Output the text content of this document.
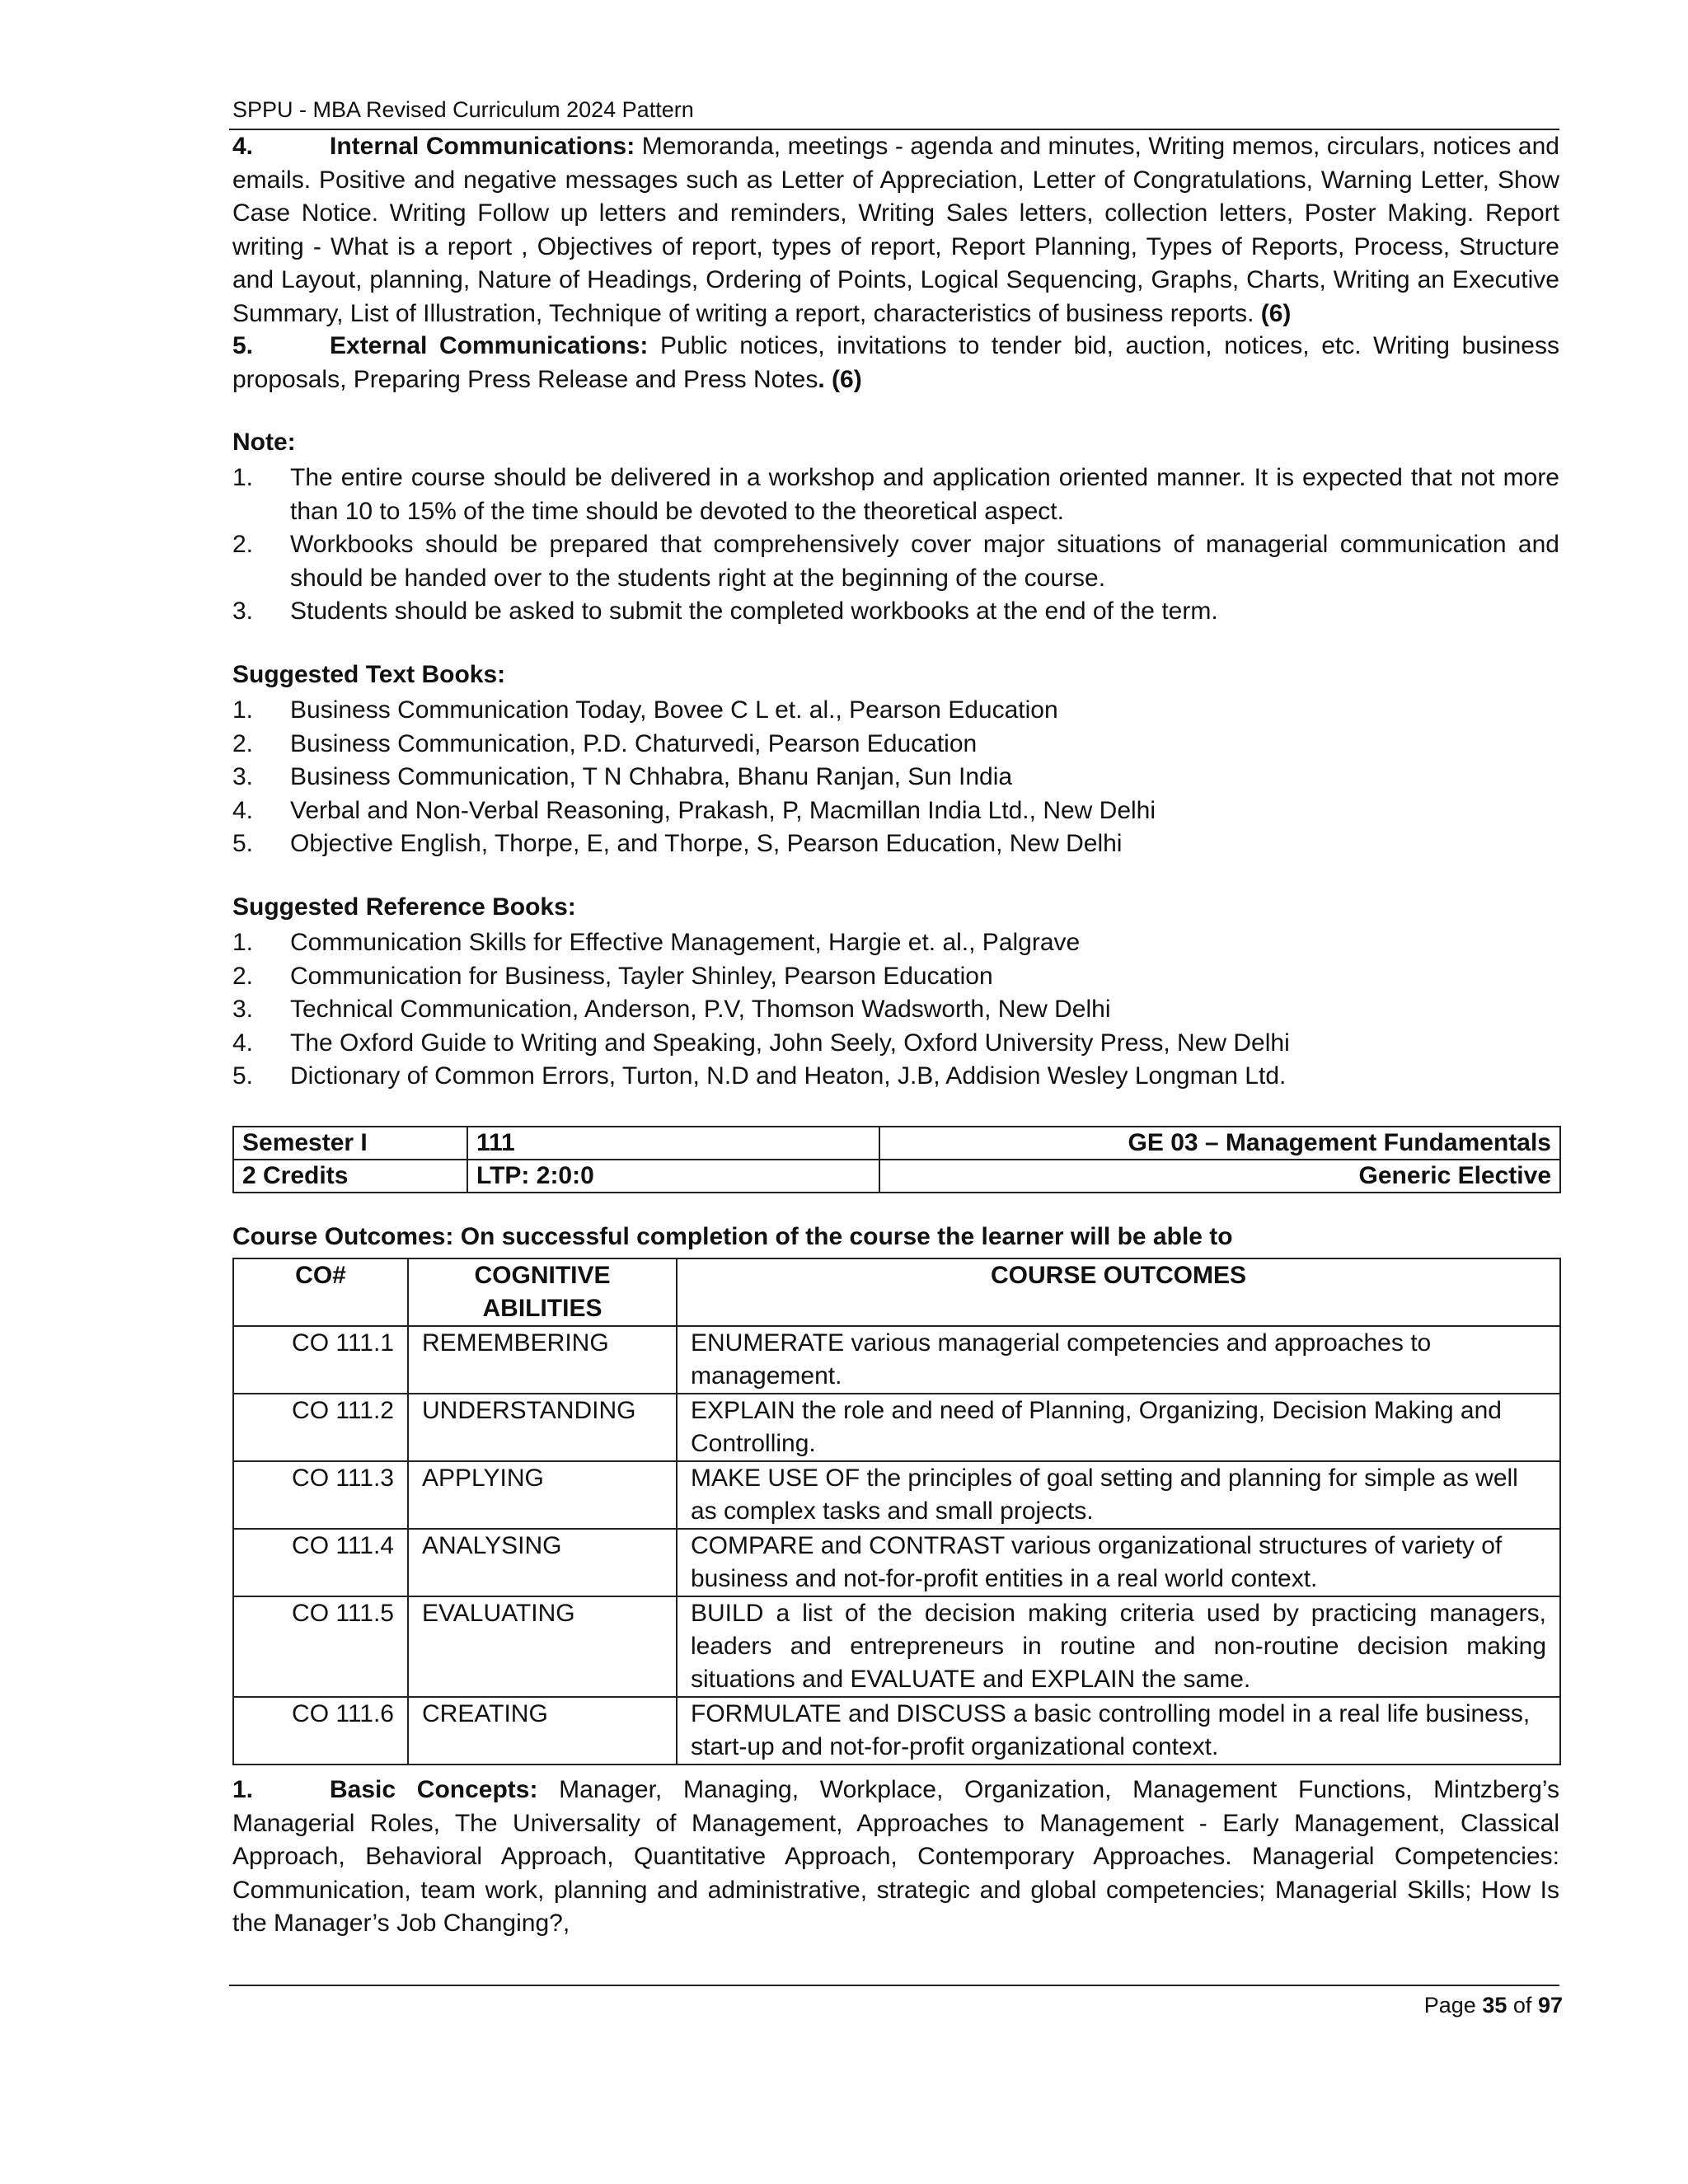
SPPU - MBA Revised Curriculum 2024 Pattern
4.	Internal Communications: Memoranda, meetings - agenda and minutes, Writing memos, circulars, notices and emails. Positive and negative messages such as Letter of Appreciation, Letter of Congratulations, Warning Letter, Show Case Notice. Writing Follow up letters and reminders, Writing Sales letters, collection letters, Poster Making. Report writing - What is a report , Objectives of report, types of report, Report Planning, Types of Reports, Process, Structure and Layout, planning, Nature of Headings, Ordering of Points, Logical Sequencing, Graphs, Charts, Writing an Executive Summary, List of Illustration, Technique of writing a report, characteristics of business reports. (6)
5.	External Communications: Public notices, invitations to tender bid, auction, notices, etc. Writing business proposals, Preparing Press Release and Press Notes. (6)
Note:
1. The entire course should be delivered in a workshop and application oriented manner. It is expected that not more than 10 to 15% of the time should be devoted to the theoretical aspect.
2. Workbooks should be prepared that comprehensively cover major situations of managerial communication and should be handed over to the students right at the beginning of the course.
3. Students should be asked to submit the completed workbooks at the end of the term.
Suggested Text Books:
1. Business Communication Today, Bovee C L et. al., Pearson Education
2. Business Communication, P.D. Chaturvedi, Pearson Education
3. Business Communication, T N Chhabra, Bhanu Ranjan, Sun India
4. Verbal and Non-Verbal Reasoning, Prakash, P, Macmillan India Ltd., New Delhi
5. Objective English, Thorpe, E, and Thorpe, S, Pearson Education, New Delhi
Suggested Reference Books:
1. Communication Skills for Effective Management, Hargie et. al., Palgrave
2. Communication for Business, Tayler Shinley, Pearson Education
3. Technical Communication, Anderson, P.V, Thomson Wadsworth, New Delhi
4. The Oxford Guide to Writing and Speaking, John Seely, Oxford University Press, New Delhi
5. Dictionary of Common Errors, Turton, N.D and Heaton, J.B, Addision Wesley Longman Ltd.
Semester I	111	GE 03 – Management Fundamentals
2 Credits	LTP: 2:0:0	Generic Elective
Course Outcomes: On successful completion of the course the learner will be able to
CO#	COGNITIVE ABILITIES	COURSE OUTCOMES
CO 111.1	REMEMBERING	ENUMERATE various managerial competencies and approaches to management.
CO 111.2	UNDERSTANDING	EXPLAIN the role and need of Planning, Organizing, Decision Making and Controlling.
CO 111.3	APPLYING	MAKE USE OF the principles of goal setting and planning for simple as well as complex tasks and small projects.
CO 111.4	ANALYSING	COMPARE and CONTRAST various organizational structures of variety of business and not-for-profit entities in a real world context.
CO 111.5	EVALUATING	BUILD a list of the decision making criteria used by practicing managers, leaders and entrepreneurs in routine and non-routine decision making situations and EVALUATE and EXPLAIN the same.
CO 111.6	CREATING	FORMULATE and DISCUSS a basic controlling model in a real life business, start-up and not-for-profit organizational context.
1.	Basic Concepts: Manager, Managing, Workplace, Organization, Management Functions, Mintzberg’s Managerial Roles, The Universality of Management, Approaches to Management - Early Management, Classical Approach, Behavioral Approach, Quantitative Approach, Contemporary Approaches. Managerial Competencies: Communication, team work, planning and administrative, strategic and global competencies; Managerial Skills; How Is the Manager’s Job Changing?,
Page 35 of 97
